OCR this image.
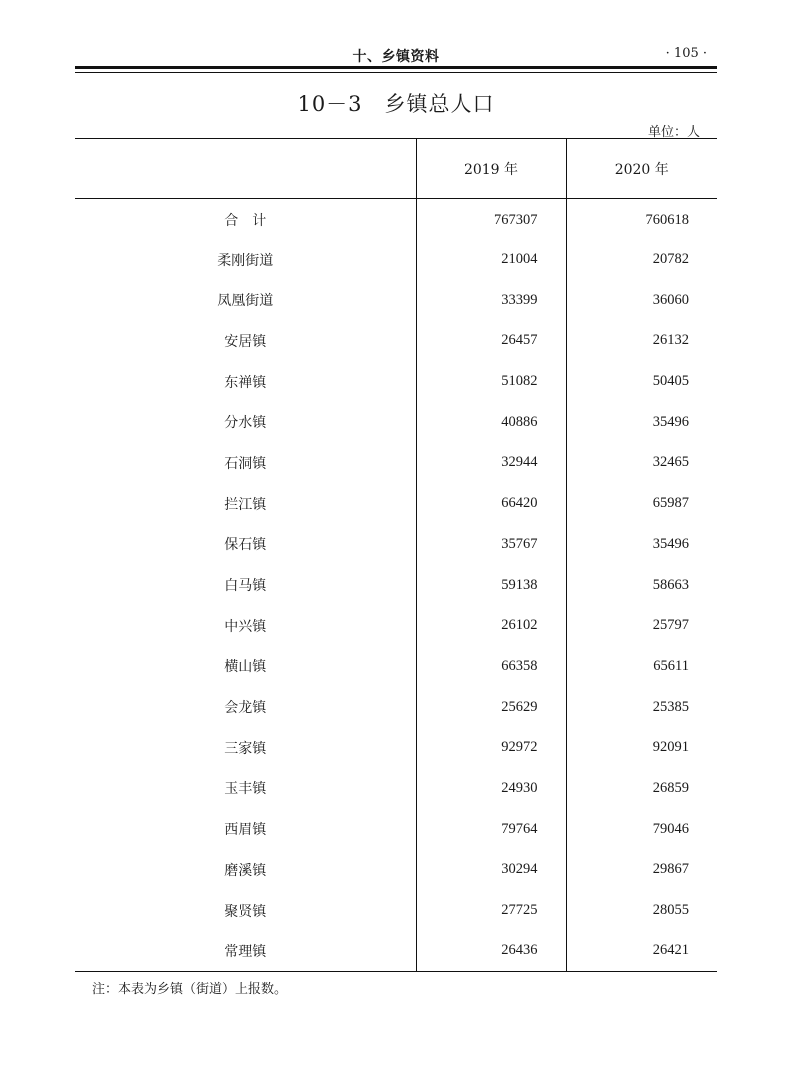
十、乡镇资料	· 105 ·
10－3　乡镇总人口
单位：人
	2019 年	2020 年
合　计	767307	760618
柔刚街道	21004	20782
凤凰街道	33399	36060
安居镇	26457	26132
东禅镇	51082	50405
分水镇	40886	35496
石洞镇	32944	32465
拦江镇	66420	65987
保石镇	35767	35496
白马镇	59138	58663
中兴镇	26102	25797
横山镇	66358	65611
会龙镇	25629	25385
三家镇	92972	92091
玉丰镇	24930	26859
西眉镇	79764	79046
磨溪镇	30294	29867
聚贤镇	27725	28055
常理镇	26436	26421
注：本表为乡镇（街道）上报数。
